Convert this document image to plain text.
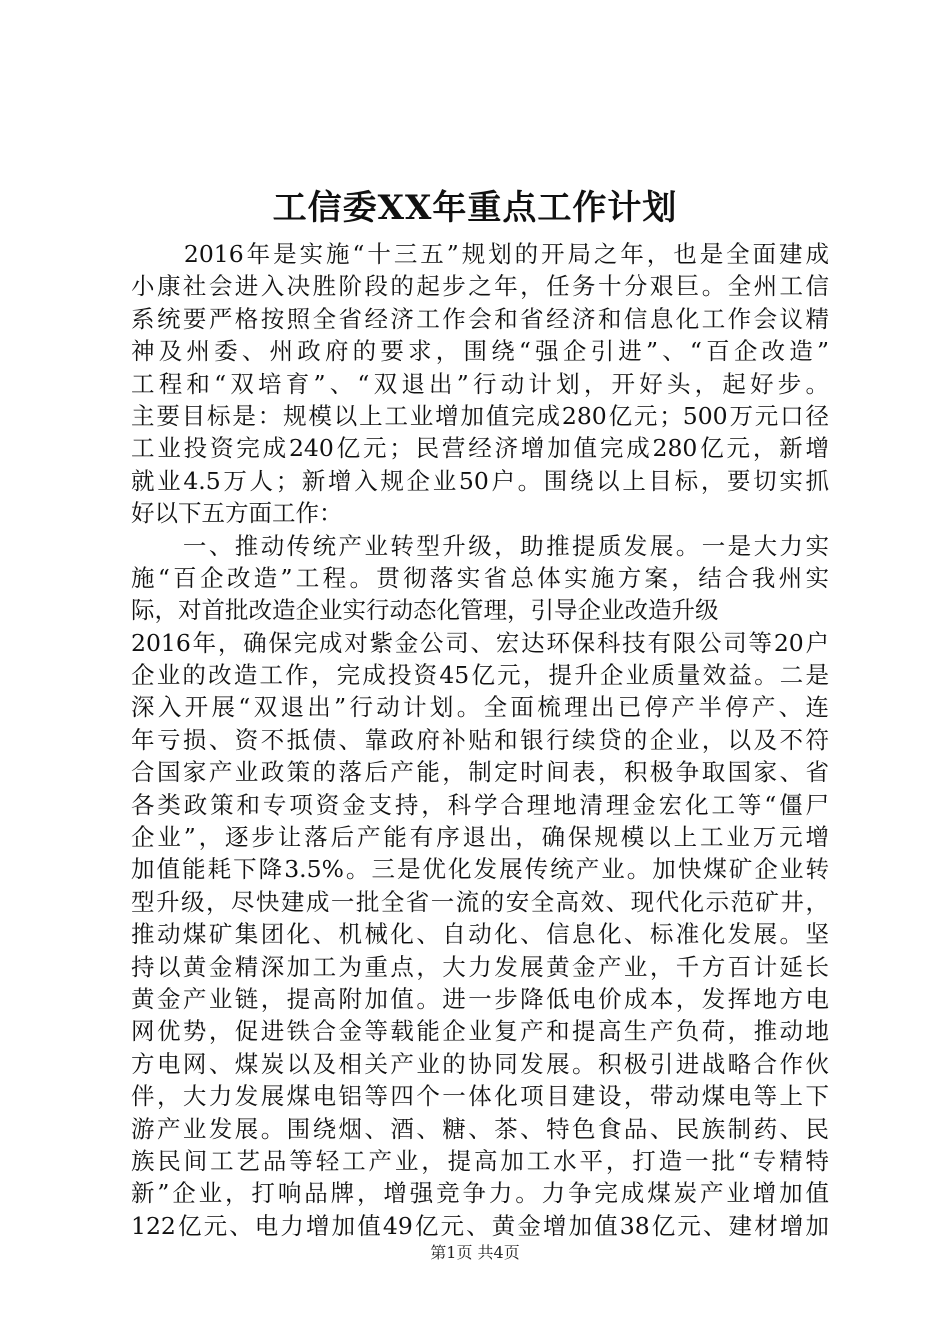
工信委XX年重点工作计划
　　2016年是实施“十三五”规划的开局之年，也是全面建成
小康社会进入决胜阶段的起步之年，任务十分艰巨。全州工信
系统要严格按照全省经济工作会和省经济和信息化工作会议精
神及州委、州政府的要求，围绕“强企引进”、“百企改造”
工程和“双培育”、“双退出”行动计划，开好头，起好步。
主要目标是：规模以上工业增加值完成280亿元；500万元口径
工业投资完成240亿元；民营经济增加值完成280亿元，新增
就业4.5万人；新增入规企业50户。围绕以上目标，要切实抓
好以下五方面工作：
　　一、推动传统产业转型升级，助推提质发展。一是大力实
施“百企改造”工程。贯彻落实省总体实施方案，结合我州实
际，对首批改造企业实行动态化管理，引导企业改造升级
2016年，确保完成对紫金公司、宏达环保科技有限公司等20户
企业的改造工作，完成投资45亿元，提升企业质量效益。二是
深入开展“双退出”行动计划。全面梳理出已停产半停产、连
年亏损、资不抵债、靠政府补贴和银行续贷的企业，以及不符
合国家产业政策的落后产能，制定时间表，积极争取国家、省
各类政策和专项资金支持，科学合理地清理金宏化工等“僵尸
企业”，逐步让落后产能有序退出，确保规模以上工业万元增
加值能耗下降3.5%。三是优化发展传统产业。加快煤矿企业转
型升级，尽快建成一批全省一流的安全高效、现代化示范矿井，
推动煤矿集团化、机械化、自动化、信息化、标准化发展。坚
持以黄金精深加工为重点，大力发展黄金产业，千方百计延长
黄金产业链，提高附加值。进一步降低电价成本，发挥地方电
网优势，促进铁合金等载能企业复产和提高生产负荷，推动地
方电网、煤炭以及相关产业的协同发展。积极引进战略合作伙
伴，大力发展煤电铝等四个一体化项目建设，带动煤电等上下
游产业发展。围绕烟、酒、糖、茶、特色食品、民族制药、民
族民间工艺品等轻工产业，提高加工水平，打造一批“专精特
新”企业，打响品牌，增强竞争力。力争完成煤炭产业增加值
122亿元、电力增加值49亿元、黄金增加值38亿元、建材增加
第1页 共4页
